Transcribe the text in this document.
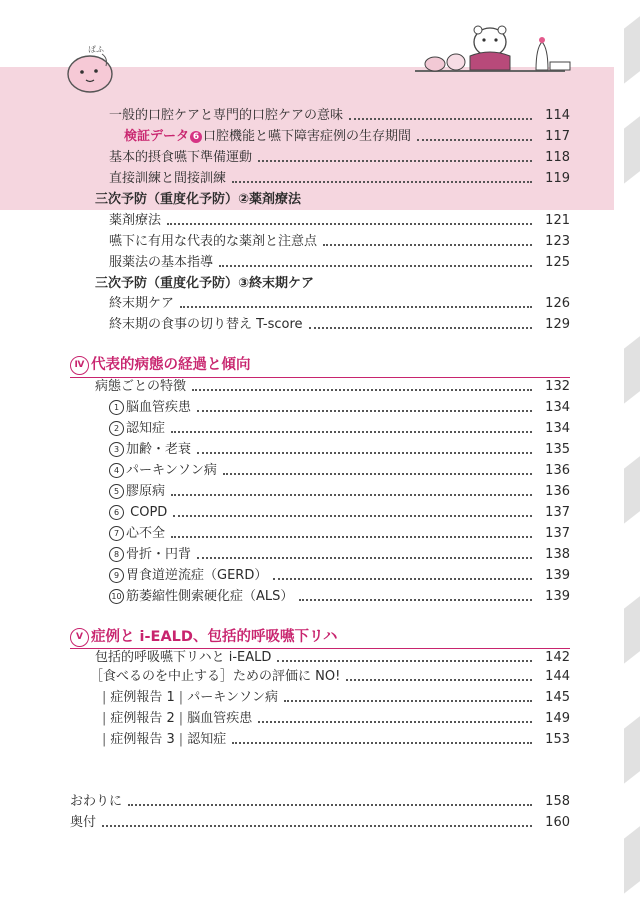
ぱふ
一般的口腔ケアと専門的口腔ケアの意味	114
検証データ 6 口腔機能と嚥下障害症例の生存期間	117
基本的摂食嚥下準備運動	118
直接訓練と間接訓練	119
三次予防（重度化予防）②薬剤療法
薬剤療法	121
嚥下に有用な代表的な薬剤と注意点	123
服薬法の基本指導	125
三次予防（重度化予防）③終末期ケア
終末期ケア	126
終末期の食事の切り替え T-score	129
Ⅳ 代表的病態の経過と傾向
病態ごとの特徴	132
1 脳血管疾患	134
2 認知症	134
3 加齢・老衰	135
4 パーキンソン病	136
5 膠原病	136
6 COPD	137
7 心不全	137
8 骨折・円背	138
9 胃食道逆流症（GERD）	139
10 筋萎縮性側索硬化症（ALS）	139
Ⅴ 症例と i-EALD、包括的呼吸嚥下リハ
包括的呼吸嚥下リハと i-EALD	142
［食べるのを中止する］ための評価に NO!	144
| 症例報告 1 | パーキンソン病	145
| 症例報告 2 | 脳血管疾患	149
| 症例報告 3 | 認知症	153
おわりに	158
奥付	160
